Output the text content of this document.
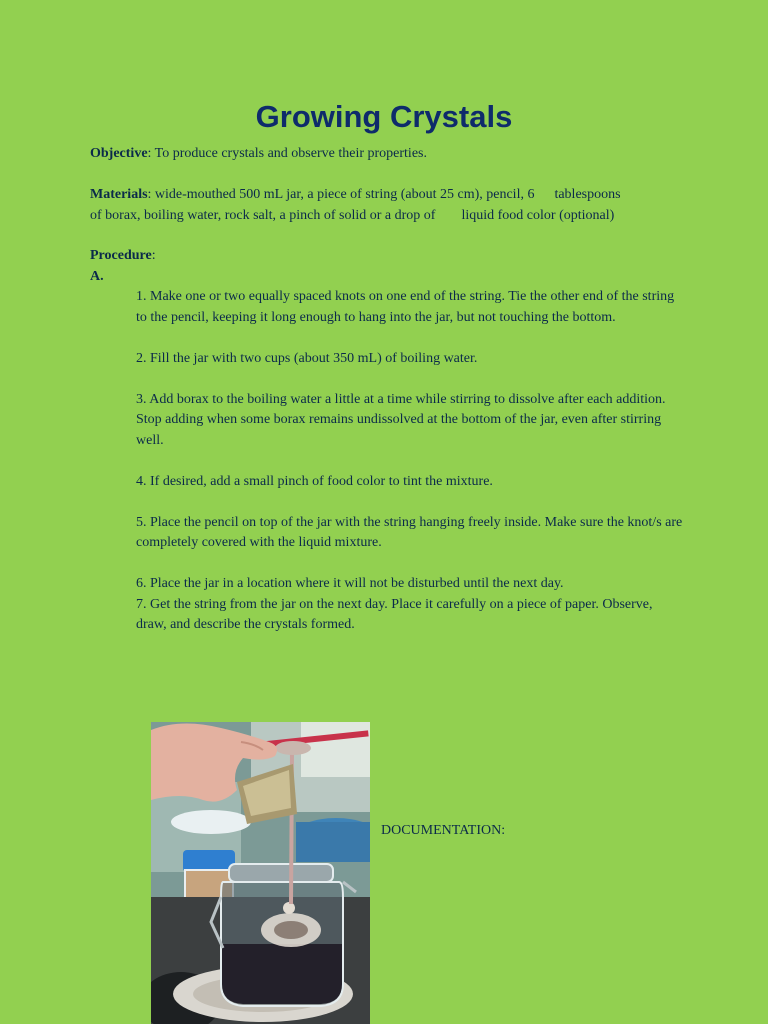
Growing Crystals

Objective: To produce crystals and observe their properties.

Materials: wide-mouthed 500 mL jar, a piece of string (about 25 cm), pencil, 6 tablespoons
of borax, boiling water, rock salt, a pinch of solid or a drop of liquid food color (optional)

Procedure:
A.

1. Make one or two equally spaced knots on one end of the string. Tie the other end of the string to the pencil, keeping it long enough to hang into the jar, but not touching the bottom.

2. Fill the jar with two cups (about 350 mL) of boiling water.

3. Add borax to the boiling water a little at a time while stirring to dissolve after each addition. Stop adding when some borax remains undissolved at the bottom of the jar, even after stirring well.

4. If desired, add a small pinch of food color to tint the mixture.

5. Place the pencil on top of the jar with the string hanging freely inside. Make sure the knot/s are completely covered with the liquid mixture.

6. Place the jar in a location where it will not be disturbed until the next day.

7. Get the string from the jar on the next day. Place it carefully on a piece of paper. Observe, draw, and describe the crystals formed.

DOCUMENTATION:
